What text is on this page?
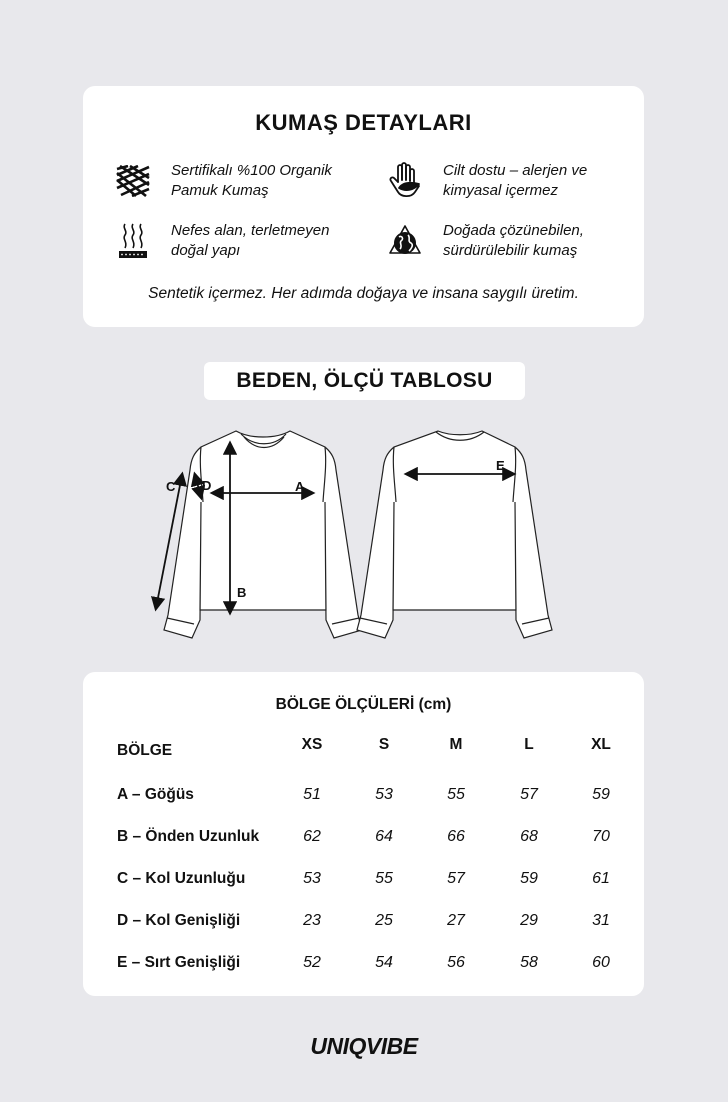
KUMAŞ DETAYLARI
Sertifikalı %100 Organik
Pamuk Kumaş
Cilt dostu – alerjen ve
kimyasal içermez
Nefes alan, terletmeyen
doğal yapı
Doğada çözünebilen,
sürdürülebilir kumaş
Sentetik içermez. Her adımda doğaya ve insana saygılı üretim.
BEDEN, ÖLÇÜ TABLOSU
A
B
C D
E
BÖLGE ÖLÇÜLERİ (cm)
BÖLGE	XS	S	M	L	XL
A – Göğüs	51	53	55	57	59
B – Önden Uzunluk	62	64	66	68	70
C – Kol Uzunluğu	53	55	57	59	61
D – Kol Genişliği	23	25	27	29	31
E – Sırt Genişliği	52	54	56	58	60
UNIQVIBE
